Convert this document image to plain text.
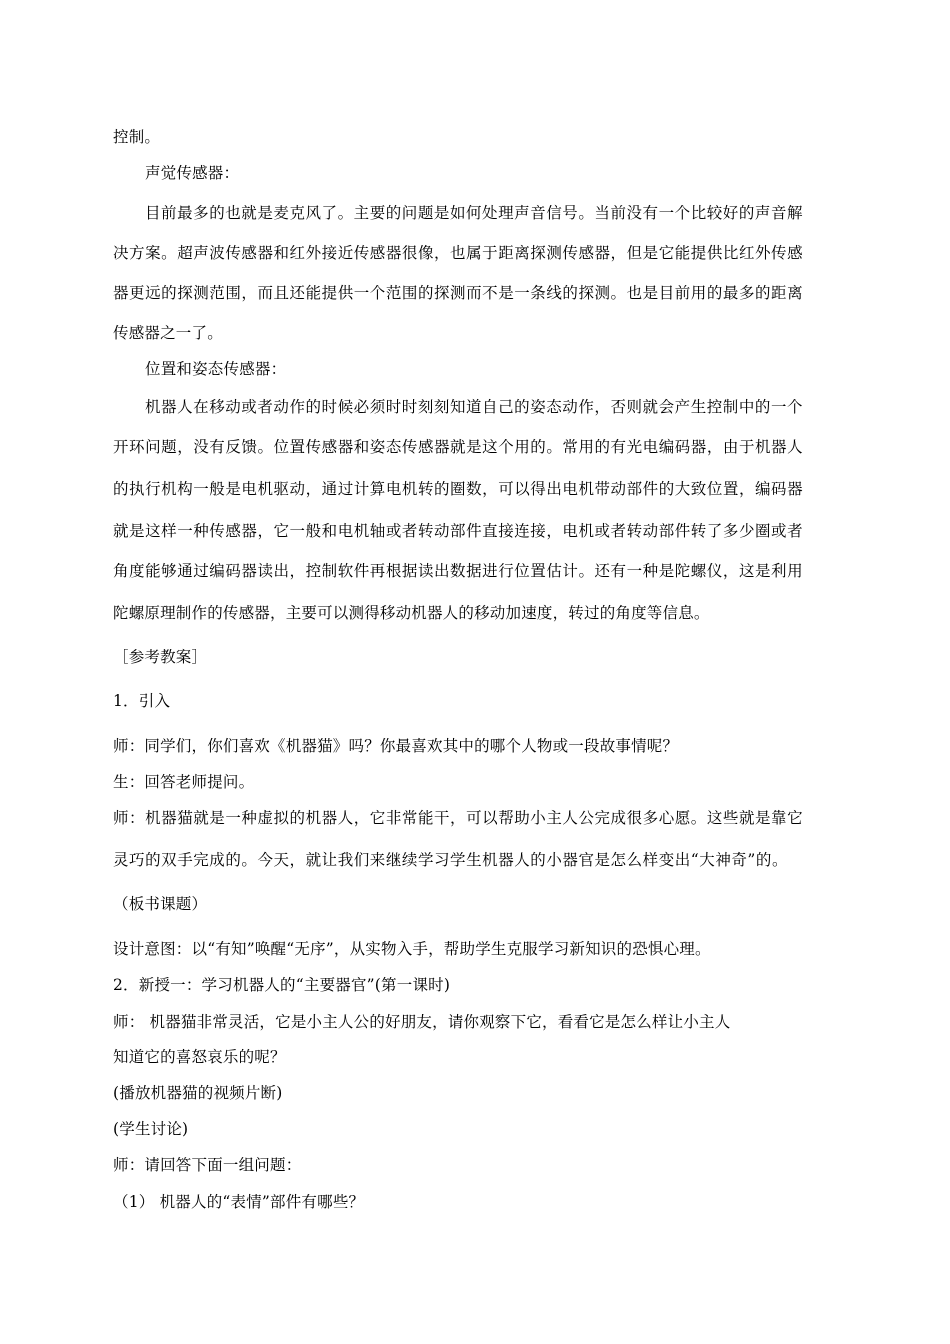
控制。
声觉传感器：
目前最多的也就是麦克风了。主要的问题是如何处理声音信号。当前没有一个比较好的声音解
决方案。超声波传感器和红外接近传感器很像，也属于距离探测传感器，但是它能提供比红外传感
器更远的探测范围，而且还能提供一个范围的探测而不是一条线的探测。也是目前用的最多的距离
传感器之一了。
位置和姿态传感器：
机器人在移动或者动作的时候必须时时刻刻知道自己的姿态动作，否则就会产生控制中的一个
开环问题，没有反馈。位置传感器和姿态传感器就是这个用的。常用的有光电编码器，由于机器人
的执行机构一般是电机驱动，通过计算电机转的圈数，可以得出电机带动部件的大致位置，编码器
就是这样一种传感器，它一般和电机轴或者转动部件直接连接，电机或者转动部件转了多少圈或者
角度能够通过编码器读出，控制软件再根据读出数据进行位置估计。还有一种是陀螺仪，这是利用
陀螺原理制作的传感器，主要可以测得移动机器人的移动加速度，转过的角度等信息。
［参考教案］
1．引入
师：同学们，你们喜欢《机器猫》吗？你最喜欢其中的哪个人物或一段故事情呢？
生：回答老师提问。
师：机器猫就是一种虚拟的机器人，它非常能干，可以帮助小主人公完成很多心愿。这些就是靠它
灵巧的双手完成的。今天，就让我们来继续学习学生机器人的小器官是怎么样变出“大神奇”的。
（板书课题）
设计意图：以“有知”唤醒“无序”，从实物入手，帮助学生克服学习新知识的恐惧心理。
2．新授一：学习机器人的“主要器官”(第一课时)
师： 机器猫非常灵活，它是小主人公的好朋友，请你观察下它，看看它是怎么样让小主人
知道它的喜怒哀乐的呢？
(播放机器猫的视频片断)
(学生讨论)
师：请回答下面一组问题：
（1） 机器人的“表情”部件有哪些？
